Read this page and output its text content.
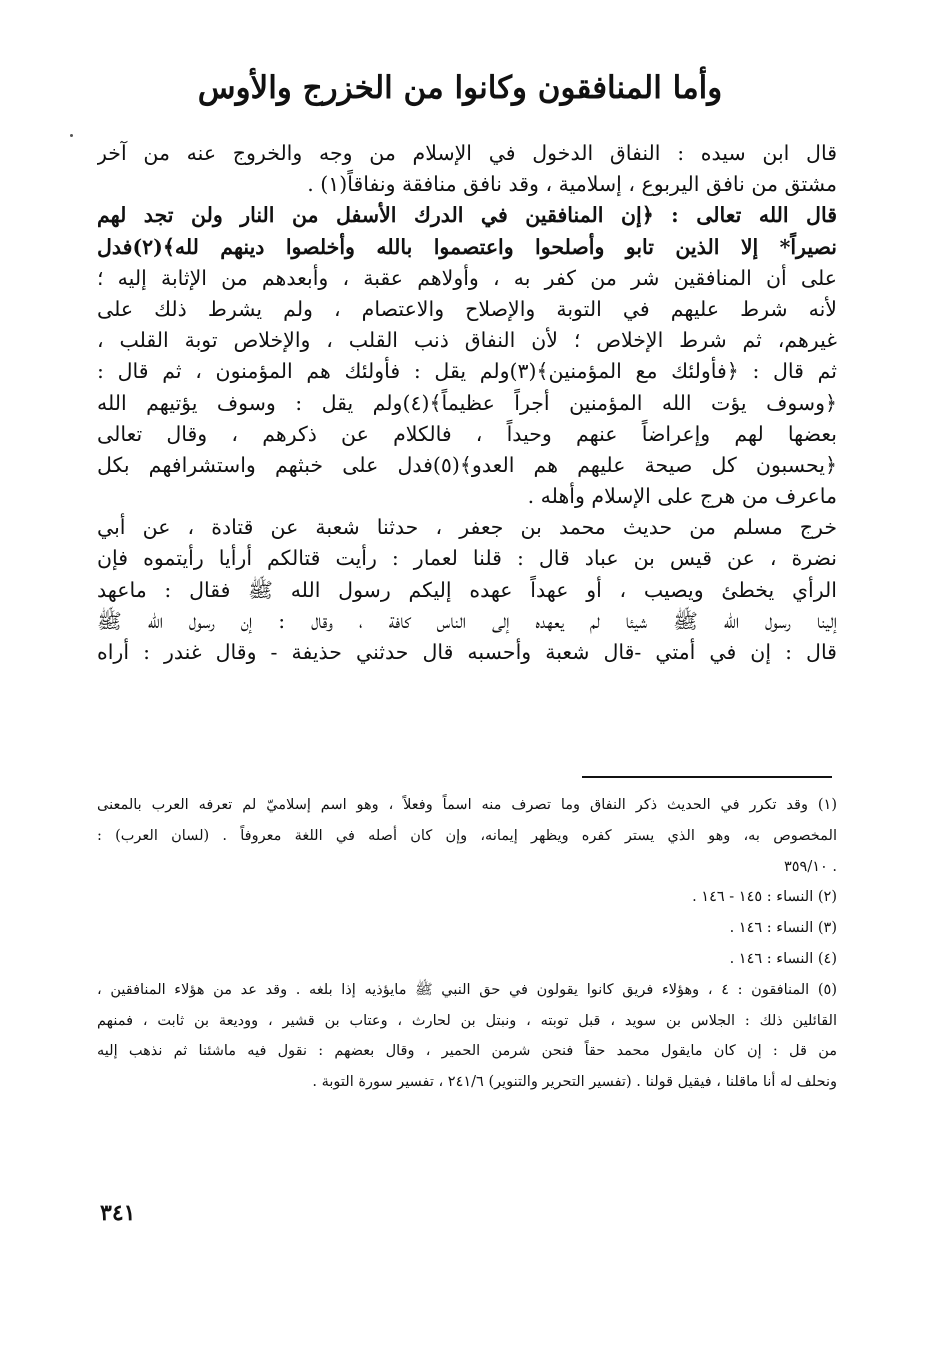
وأما المنافقون وكانوا من الخزرج والأوس
قال ابن سيده : النفاق الدخول في الإسلام من وجه والخروج عنه من آخر
مشتق من نافق اليربوع ، إسلامية ، وقد نافق منافقة ونفاقاً(١) .
قال الله تعالى : ﴿إن المنافقين في الدرك الأسفل من النار ولن تجد لهم
نصيراً* إلا الذين تابو وأصلحوا واعتصموا بالله وأخلصوا دينهم لله﴾(٢)فدل
على أن المنافقين شر من كفر به ، وأولاهم عقبة ، وأبعدهم من الإثابة إليه ؛
لأنه شرط عليهم في التوبة والإصلاح والاعتصام ، ولم يشرط ذلك على
غيرهم، ثم شرط الإخلاص ؛ لأن النفاق ذنب القلب ، والإخلاص توبة القلب ،
ثم قال : ﴿فأولئك مع المؤمنين﴾(٣)ولم يقل : فأولئك هم المؤمنون ، ثم قال :
﴿وسوف يؤت الله المؤمنين أجراً عظيماً﴾(٤)ولم يقل : وسوف يؤتيهم الله
بعضها لهم وإعراضاً عنهم وحيداً ، فالكلام عن ذكرهم ، وقال تعالى
﴿يحسبون كل صيحة عليهم هم العدو﴾(٥)فدل على خبثهم واستشرافهم بكل
ماعرف من هرج على الإسلام وأهله .
خرج مسلم من حديث محمد بن جعفر ، حدثنا شعبة عن قتادة ، عن أبي
نضرة ، عن قيس بن عباد قال : قلنا لعمار : رأيت قتالكم أرأيا رأيتموه فإن
الرأي يخطئ ويصيب ، أو عهداً عهده إليكم رسول الله ﷺ فقال : ماعهد
إلينا رسول الله ﷺ شيئا لم يعهده إلى الناس كافة ، وقال : إن رسول الله ﷺ
قال : إن في أمتي -قال شعبة وأحسبه قال حدثني حذيفة - وقال غندر : أراه
(١) وقد تكرر في الحديث ذكر النفاق وما تصرف منه اسماً وفعلاً ، وهو اسم إسلاميّ لم تعرفه العرب بالمعنى
المخصوص به، وهو الذي يستر كفره ويظهر إيمانه، وإن كان أصله في اللغة معروفاً . (لسان العرب) :
. ٣٥٩/١٠
(٢) النساء : ١٤٥ - ١٤٦ .
(٣) النساء : ١٤٦ .
(٤) النساء : ١٤٦ .
(٥) المنافقون : ٤ ، وهؤلاء فريق كانوا يقولون في حق النبي ﷺ مايؤذيه إذا بلغه . وقد عد من هؤلاء المنافقين ،
القائلين ذلك : الجلاس بن سويد ، قبل توبته ، ونبتل بن لحارث ، وعتاب بن قشير ، ووديعة بن ثابت ، فمنهم
من قل : إن كان مايقول محمد حقاً فنحن شرمن الحمير ، وقال بعضهم : نقول فيه ماشئنا ثم نذهب إليه
ونحلف له أنا ماقلنا ، فيقيل قولنا . (تفسير التحرير والتنوير) ٢٤١/٦ ، تفسير سورة التوبة .
٣٤١
